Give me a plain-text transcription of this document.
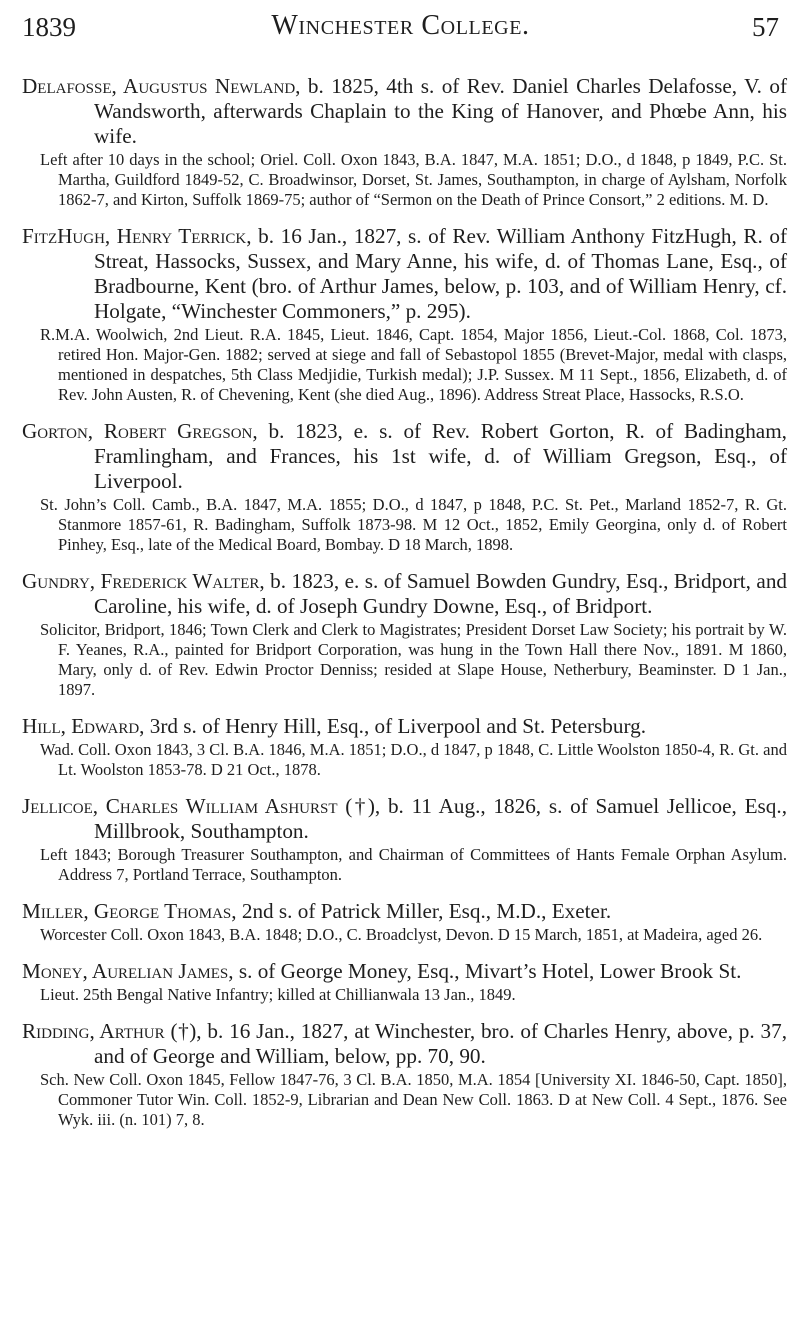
1839	Winchester College.	57
Delafosse, Augustus Newland, b. 1825, 4th s. of Rev. Daniel Charles Delafosse, V. of Wandsworth, afterwards Chaplain to the King of Hanover, and Phœbe Ann, his wife.
Left after 10 days in the school; Oriel. Coll. Oxon 1843, B.A. 1847, M.A. 1851; D.O., d 1848, p 1849, P.C. St. Martha, Guildford 1849-52, C. Broadwinsor, Dorset, St. James, Southampton, in charge of Aylsham, Norfolk 1862-7, and Kirton, Suffolk 1869-75; author of “Sermon on the Death of Prince Consort,” 2 editions. M. D.
FitzHugh, Henry Terrick, b. 16 Jan., 1827, s. of Rev. William Anthony FitzHugh, R. of Streat, Hassocks, Sussex, and Mary Anne, his wife, d. of Thomas Lane, Esq., of Bradbourne, Kent (bro. of Arthur James, below, p. 103, and of William Henry, cf. Holgate, “Winchester Commoners,” p. 295).
R.M.A. Woolwich, 2nd Lieut. R.A. 1845, Lieut. 1846, Capt. 1854, Major 1856, Lieut.-Col. 1868, Col. 1873, retired Hon. Major-Gen. 1882; served at siege and fall of Sebastopol 1855 (Brevet-Major, medal with clasps, mentioned in despatches, 5th Class Medjidie, Turkish medal); J.P. Sussex. M 11 Sept., 1856, Elizabeth, d. of Rev. John Austen, R. of Chevening, Kent (she died Aug., 1896). Address Streat Place, Hassocks, R.S.O.
Gorton, Robert Gregson, b. 1823, e. s. of Rev. Robert Gorton, R. of Badingham, Framlingham, and Frances, his 1st wife, d. of William Gregson, Esq., of Liverpool.
St. John’s Coll. Camb., B.A. 1847, M.A. 1855; D.O., d 1847, p 1848, P.C. St. Pet., Marland 1852-7, R. Gt. Stanmore 1857-61, R. Badingham, Suffolk 1873-98. M 12 Oct., 1852, Emily Georgina, only d. of Robert Pinhey, Esq., late of the Medical Board, Bombay. D 18 March, 1898.
Gundry, Frederick Walter, b. 1823, e. s. of Samuel Bowden Gundry, Esq., Bridport, and Caroline, his wife, d. of Joseph Gundry Downe, Esq., of Bridport.
Solicitor, Bridport, 1846; Town Clerk and Clerk to Magistrates; President Dorset Law Society; his portrait by W. F. Yeanes, R.A., painted for Bridport Corporation, was hung in the Town Hall there Nov., 1891. M 1860, Mary, only d. of Rev. Edwin Proctor Denniss; resided at Slape House, Netherbury, Beaminster. D 1 Jan., 1897.
Hill, Edward, 3rd s. of Henry Hill, Esq., of Liverpool and St. Petersburg.
Wad. Coll. Oxon 1843, 3 Cl. B.A. 1846, M.A. 1851; D.O., d 1847, p 1848, C. Little Woolston 1850-4, R. Gt. and Lt. Woolston 1853-78. D 21 Oct., 1878.
Jellicoe, Charles William Ashurst (†), b. 11 Aug., 1826, s. of Samuel Jellicoe, Esq., Millbrook, Southampton.
Left 1843; Borough Treasurer Southampton, and Chairman of Committees of Hants Female Orphan Asylum. Address 7, Portland Terrace, Southampton.
Miller, George Thomas, 2nd s. of Patrick Miller, Esq., M.D., Exeter.
Worcester Coll. Oxon 1843, B.A. 1848; D.O., C. Broadclyst, Devon. D 15 March, 1851, at Madeira, aged 26.
Money, Aurelian James, s. of George Money, Esq., Mivart’s Hotel, Lower Brook St.
Lieut. 25th Bengal Native Infantry; killed at Chillianwala 13 Jan., 1849.
Ridding, Arthur (†), b. 16 Jan., 1827, at Winchester, bro. of Charles Henry, above, p. 37, and of George and William, below, pp. 70, 90.
Sch. New Coll. Oxon 1845, Fellow 1847-76, 3 Cl. B.A. 1850, M.A. 1854 [University XI. 1846-50, Capt. 1850], Commoner Tutor Win. Coll. 1852-9, Librarian and Dean New Coll. 1863. D at New Coll. 4 Sept., 1876. See Wyk. iii. (n. 101) 7, 8.
